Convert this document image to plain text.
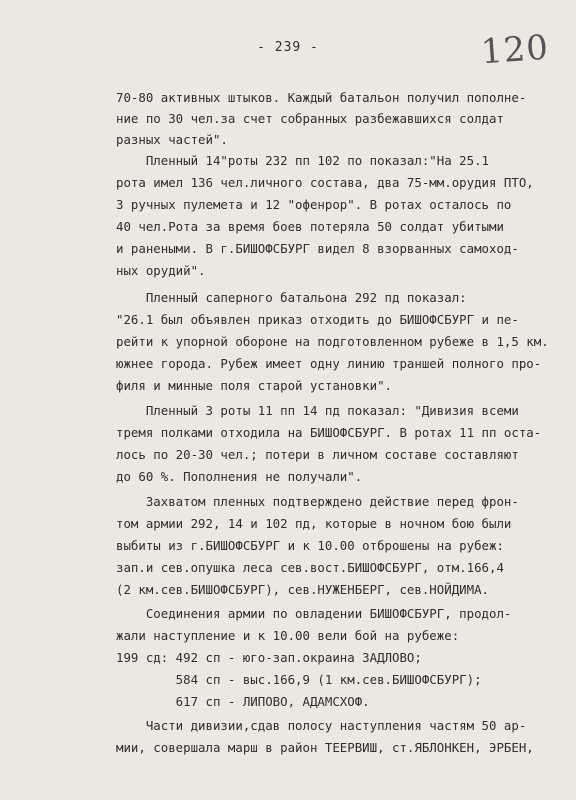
- 239 -	120
70-80 активных штыков. Каждый батальон получил пополне-
ние по 30 чел.за счет собранных разбежавшихся солдат
разных частей".
Пленный 14"роты 232 пп 102 по показал:"На 25.1
рота имел 136 чел.личного состава, два 75-мм.орудия ПТО,
3 ручных пулемета и 12 "офенрор". В ротах осталось по
40 чел.Рота за время боев потеряла 50 солдат убитыми
и ранеными. В г.БИШОФСБУРГ видел 8 взорванных самоход-
ных орудий".
Пленный саперного батальона 292 пд показал:
"26.1 был объявлен приказ отходить до БИШОФСБУРГ и пе-
рейти к упорной обороне на подготовленном рубеже в 1,5 км.
южнее города. Рубеж имеет одну линию траншей полного про-
филя и минные поля старой установки".
Пленный 3 роты 11 пп 14 пд показал: "Дивизия всеми
тремя полками отходила на БИШОФСБУРГ. В ротах 11 пп оста-
лось по 20-30 чел.; потери в личном составе составляют
до 60 %. Пополнения не получали".
Захватом пленных подтверждено действие перед фрон-
том армии 292, 14 и 102 пд, которые в ночном бою были
выбиты из г.БИШОФСБУРГ и к 10.00 отброшены на рубеж:
зап.и сев.опушка леса сев.вост.БИШОФСБУРГ, отм.166,4
(2 км.сев.БИШОФСБУРГ), сев.НУЖЕНБЕРГ, сев.НОЙДИМА.
Соединения армии по овладении БИШОФСБУРГ, продол-
жали наступление и к 10.00 вели бой на рубеже:
199 сд: 492 сп - юго-зап.окраина ЗАДЛОВО;
584 сп - выс.166,9 (1 км.сев.БИШОФСБУРГ);
617 сп - ЛИПОВО, АДАМСХОФ.
Части дивизии,сдав полосу наступления частям 50 ар-
мии, совершала марш в район ТЕЕРВИШ, ст.ЯБЛОНКЕН, ЭРБЕН,
